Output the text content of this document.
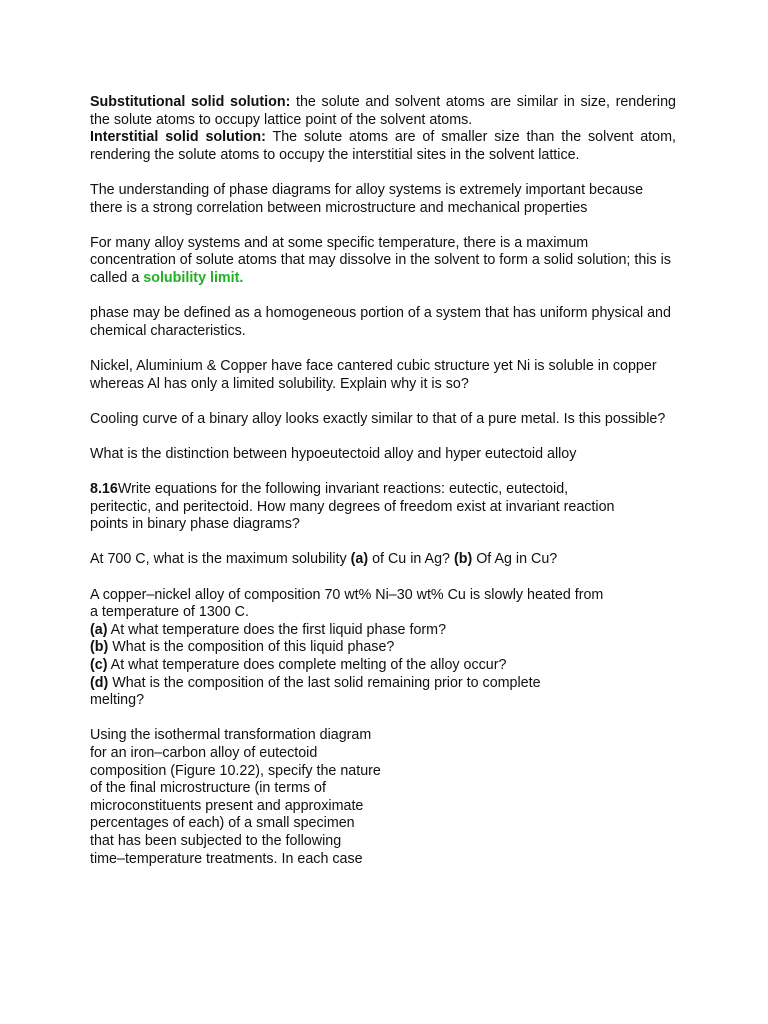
Substitutional solid solution: the solute and solvent atoms are similar in size, rendering the solute atoms to occupy lattice point of the solvent atoms.

Interstitial solid solution: The solute atoms are of smaller size than the solvent atom, rendering the solute atoms to occupy the interstitial sites in the solvent lattice.

The understanding of phase diagrams for alloy systems is extremely important because there is a strong correlation between microstructure and mechanical properties

For many alloy systems and at some specific temperature, there is a maximum concentration of solute atoms that may dissolve in the solvent to form a solid solution; this is called a solubility limit.

phase may be defined as a homogeneous portion of a system that has uniform physical and chemical characteristics.

Nickel, Aluminium & Copper have face cantered cubic structure yet Ni is soluble in copper

whereas Al has only a limited solubility. Explain why it is so?

Cooling curve of a binary alloy looks exactly similar to that of a pure metal. Is this possible?

What is the distinction between hypoeutectoid alloy and hyper eutectoid alloy

8.16Write equations for the following invariant reactions: eutectic, eutectoid,

peritectic, and peritectoid. How many degrees of freedom exist at invariant reaction

points in binary phase diagrams?

At 700 C, what is the maximum solubility (a) of Cu in Ag? (b) Of Ag in Cu?

A copper–nickel alloy of composition 70 wt% Ni–30 wt% Cu is slowly heated from

a temperature of 1300 C.

(a) At what temperature does the first liquid phase form?

(b) What is the composition of this liquid phase?

(c) At what temperature does complete melting of the alloy occur?

(d) What is the composition of the last solid remaining prior to complete

melting?

Using the isothermal transformation diagram

for an iron–carbon alloy of eutectoid

composition (Figure 10.22), specify the nature

of the final microstructure (in terms of

microconstituents present and approximate

percentages of each) of a small specimen

that has been subjected to the following

time–temperature treatments. In each case
